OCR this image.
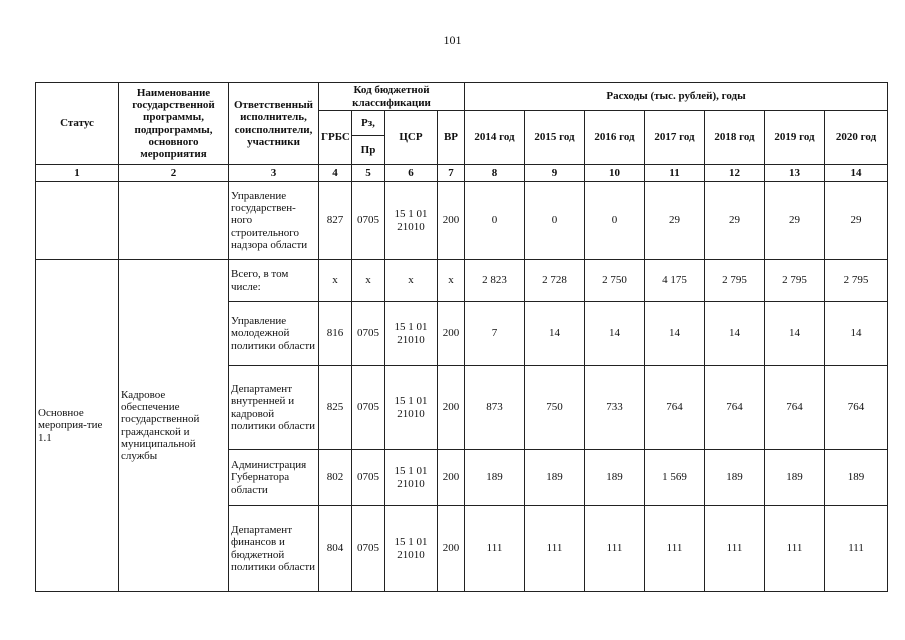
101
Статус	Наименование государственной программы, подпрограммы, основного мероприятия	Ответственный исполнитель, соисполнители, участники	Код бюджетной классификации				Расходы (тыс. рублей), годы						
			ГРБС	Рз,	ЦСР	ВР	2014 год	2015 год	2016 год	2017 год	2018 год	2019 год	2020 год
				Пр									
1	2	3	4	5	6	7	8	9	10	11	12	13	14
		Управление государствен-ного строительного надзора области	827	0705	15 1 01 21010	200	0	0	0	29	29	29	29
Основное мероприя-тие 1.1	Кадровое обеспечение государственной гражданской и муниципальной службы	Всего, в том числе:	х	х	х	х	2 823	2 728	2 750	4 175	2 795	2 795	2 795
		Управление молодежной политики области	816	0705	15 1 01 21010	200	7	14	14	14	14	14	14
		Департамент внутренней и кадровой политики области	825	0705	15 1 01 21010	200	873	750	733	764	764	764	764
		Администрация Губернатора области	802	0705	15 1 01 21010	200	189	189	189	1 569	189	189	189
		Департамент финансов и бюджетной политики области	804	0705	15 1 01 21010	200	111	111	111	111	111	111	111
